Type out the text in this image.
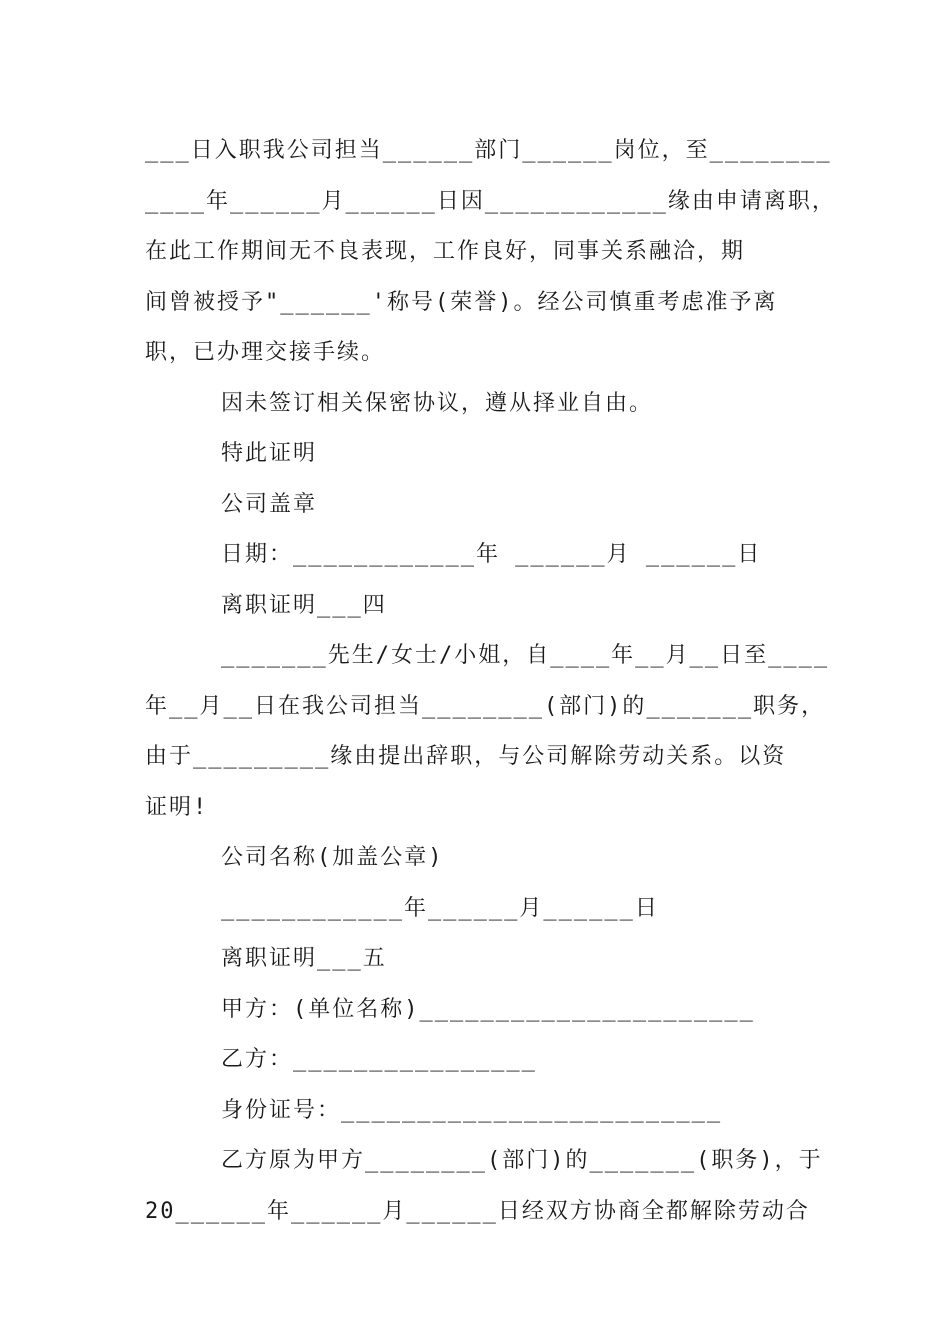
___日入职我公司担当______部门______岗位，至________
____年______月______日因____________缘由申请离职，
在此工作期间无不良表现，工作良好，同事关系融洽，期
间曾被授予"______'称号(荣誉)。经公司慎重考虑准予离
职，已办理交接手续。
因未签订相关保密协议，遵从择业自由。
特此证明
公司盖章
日期：____________年 ______月 ______日
离职证明___四
_______先生/女士/小姐，自____年__月__日至____
年__月__日在我公司担当________(部门)的_______职务，
由于_________缘由提出辞职，与公司解除劳动关系。以资
证明!
公司名称(加盖公章)
____________年______月______日
离职证明___五
甲方：(单位名称)______________________
乙方：________________
身份证号：_________________________
乙方原为甲方________(部门)的_______(职务)，于
20______年______月______日经双方协商全都解除劳动合
